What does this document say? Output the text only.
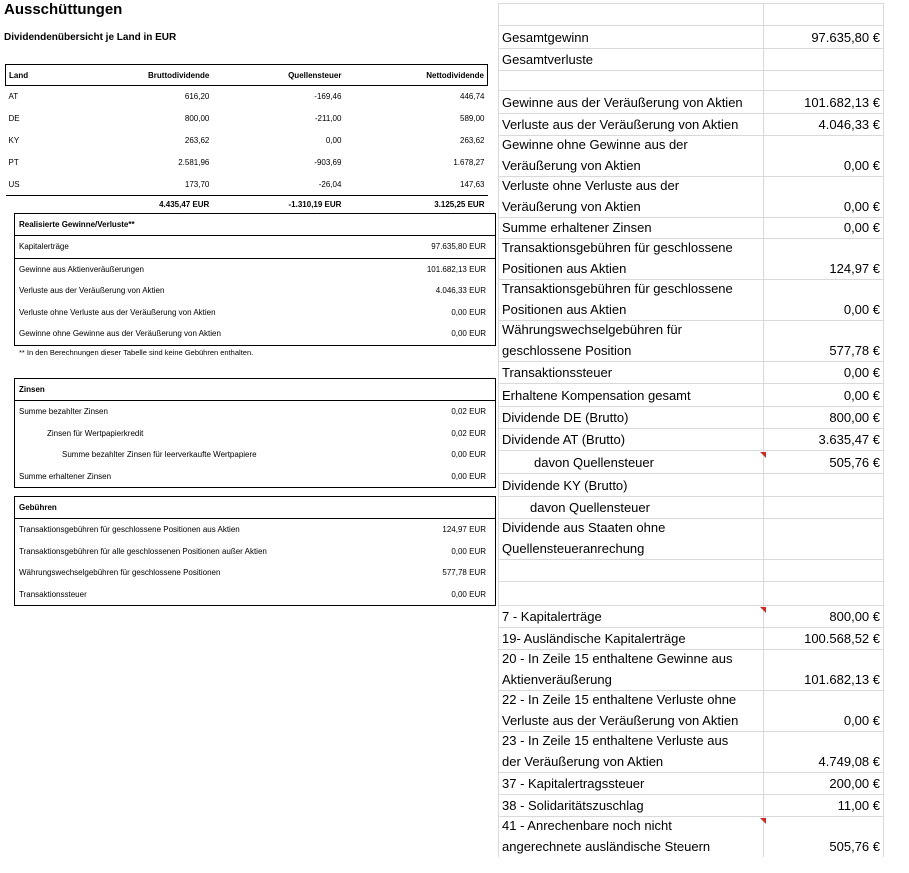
Ausschüttungen
Dividendenübersicht je Land in EUR
Land	Bruttodividende	Quellensteuer	Nettodividende
AT	616,20	-169,46	446,74
DE	800,00	-211,00	589,00
KY	263,62	0,00	263,62
PT	2.581,96	-903,69	1.678,27
US	173,70	-26,04	147,63
	4.435,47 EUR	-1.310,19 EUR	3.125,25 EUR
Realisierte Gewinne/Verluste**
Kapitalerträge	97.635,80 EUR
Gewinne aus Aktienveräußerungen	101.682,13 EUR
Verluste aus der Veräußerung von Aktien	4.046,33 EUR
Verluste ohne Verluste aus der Veräußerung von Aktien	0,00 EUR
Gewinne ohne Gewinne aus der Veräußerung von Aktien	0,00 EUR
** In den Berechnungen dieser Tabelle sind keine Gebühren enthalten.
Zinsen
Summe bezahlter Zinsen	0,02 EUR
Zinsen für Wertpapierkredit	0,02 EUR
Summe bezahlter Zinsen für leerverkaufte Wertpapiere	0,00 EUR
Summe erhaltener Zinsen	0,00 EUR
Gebühren
Transaktionsgebühren für geschlossene Positionen aus Aktien	124,97 EUR
Transaktionsgebühren für alle geschlossenen Positionen außer Aktien	0,00 EUR
Währungswechselgebühren für geschlossene Positionen	577,78 EUR
Transaktionssteuer	0,00 EUR
Gesamtgewinn	97.635,80 €
Gesamtverluste
Gewinne aus der Veräußerung von Aktien	101.682,13 €
Verluste aus der Veräußerung von Aktien	4.046,33 €
Gewinne ohne Gewinne aus der
Veräußerung von Aktien	0,00 €
Verluste ohne Verluste aus der
Veräußerung von Aktien	0,00 €
Summe erhaltener Zinsen	0,00 €
Transaktionsgebühren für geschlossene
Positionen aus Aktien	124,97 €
Transaktionsgebühren für geschlossene
Positionen aus Aktien	0,00 €
Währungswechselgebühren für
geschlossene Position	577,78 €
Transaktionssteuer	0,00 €
Erhaltene Kompensation gesamt	0,00 €
Dividende DE (Brutto)	800,00 €
Dividende AT (Brutto)	3.635,47 €
davon Quellensteuer	505,76 €
Dividende KY (Brutto)
davon Quellensteuer
Dividende aus Staaten ohne
Quellensteueranrechung
7 - Kapitalerträge	800,00 €
19- Ausländische Kapitalerträge	100.568,52 €
20 - In Zeile 15 enthaltene Gewinne aus
Aktienveräußerung	101.682,13 €
22 - In Zeile 15 enthaltene Verluste ohne
Verluste aus der Veräußerung von Aktien	0,00 €
23 - In Zeile 15 enthaltene Verluste aus
der Veräußerung von Aktien	4.749,08 €
37 - Kapitalertragssteuer	200,00 €
38 - Solidaritätszuschlag	11,00 €
41 - Anrechenbare noch nicht
angerechnete ausländische Steuern	505,76 €
